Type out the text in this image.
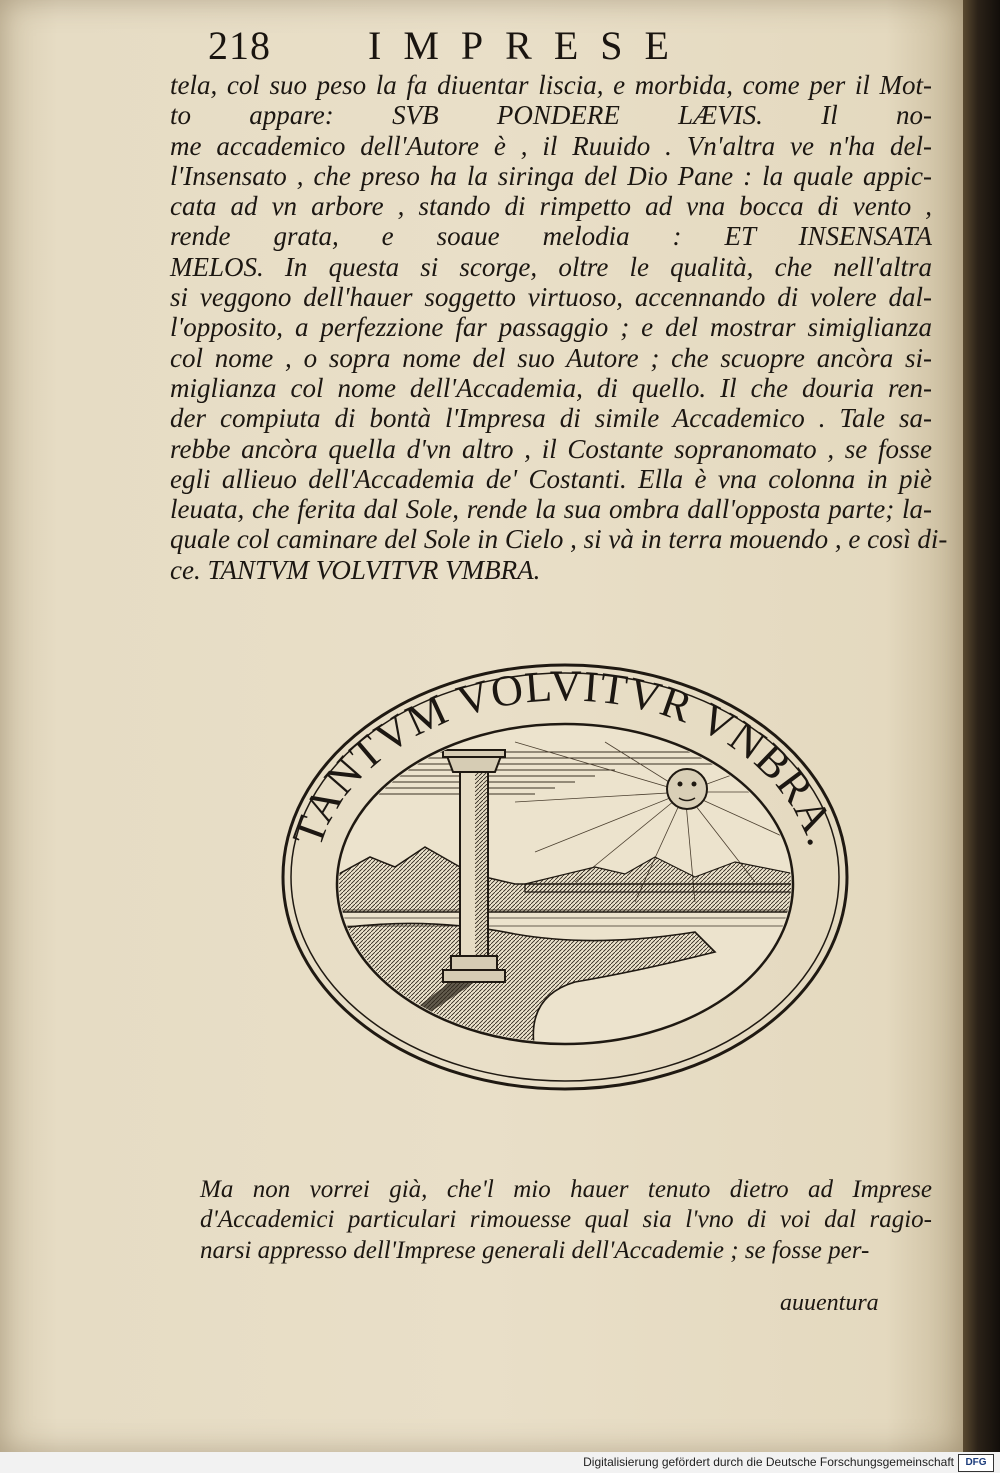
218 IMPRESE
tela, col suo peso la fa diuentar liscia, e morbida, come per il Mot-
to appare: SVB PONDERE LÆVIS. Il no-
me accademico dell'Autore è , il Ruuido . Vn'altra ve n'ha del-
l'Insensato , che preso ha la siringa del Dio Pane : la quale appic-
cata ad vn arbore , stando di rimpetto ad vna bocca di vento ,
rende grata, e soaue melodia : ET INSENSATA
MELOS. In questa si scorge, oltre le qualità, che nell'altra
si veggono dell'hauer soggetto virtuoso, accennando di volere dal-
l'opposito, a perfezzione far passaggio ; e del mostrar simiglianza
col nome , o sopra nome del suo Autore ; che scuopre ancòra si-
miglianza col nome dell'Accademia, di quello. Il che douria ren-
der compiuta di bontà l'Impresa di simile Accademico . Tale sa-
rebbe ancòra quella d'vn altro , il Costante sopranomato , se fosse
egli allieuo dell'Accademia de' Costanti. Ella è vna colonna in piè
leuata, che ferita dal Sole, rende la sua ombra dall'opposta parte; la-
quale col caminare del Sole in Cielo , si và in terra mouendo , e così di-
ce. TANTVM VOLVITVR VMBRA.
TANTVM VOLVITVR VNBRA.
Ma non vorrei già, che'l mio hauer tenuto dietro ad Imprese
d'Accademici particulari rimouesse qual sia l'vno di voi dal ragio-
narsi appresso dell'Imprese generali dell'Accademie ; se fosse per-
auuentura
Digitalisierung gefördert durch die Deutsche Forschungsgemeinschaft	DFG
